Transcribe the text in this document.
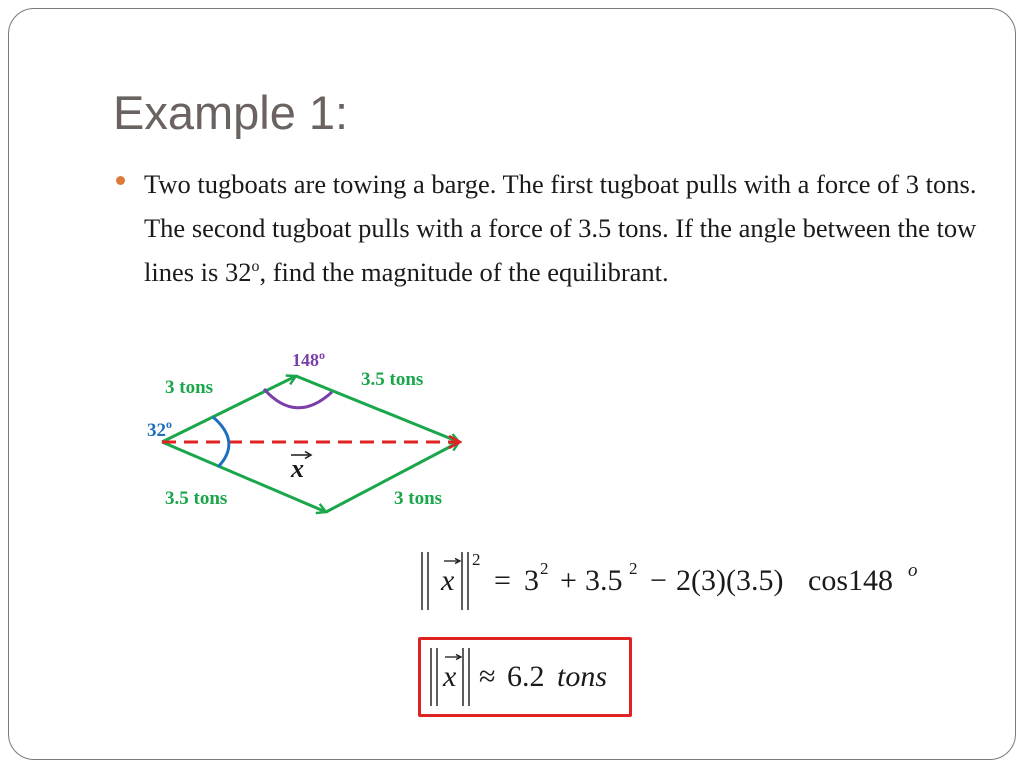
Example 1:

Two tugboats are towing a barge. The first tugboat pulls with a force of 3 tons. The second tugboat pulls with a force of 3.5 tons. If the angle between the tow lines is 32$^o$, find the magnitude of the equilibrant.

3 tons	3.5 tons
3.5 tons	3 tons
32$^o$
148$^o$
x
x
2
= 3 2 + 3.5 2 − 2(3)(3.5) cos148 o
x ≈ 6.2 tons
